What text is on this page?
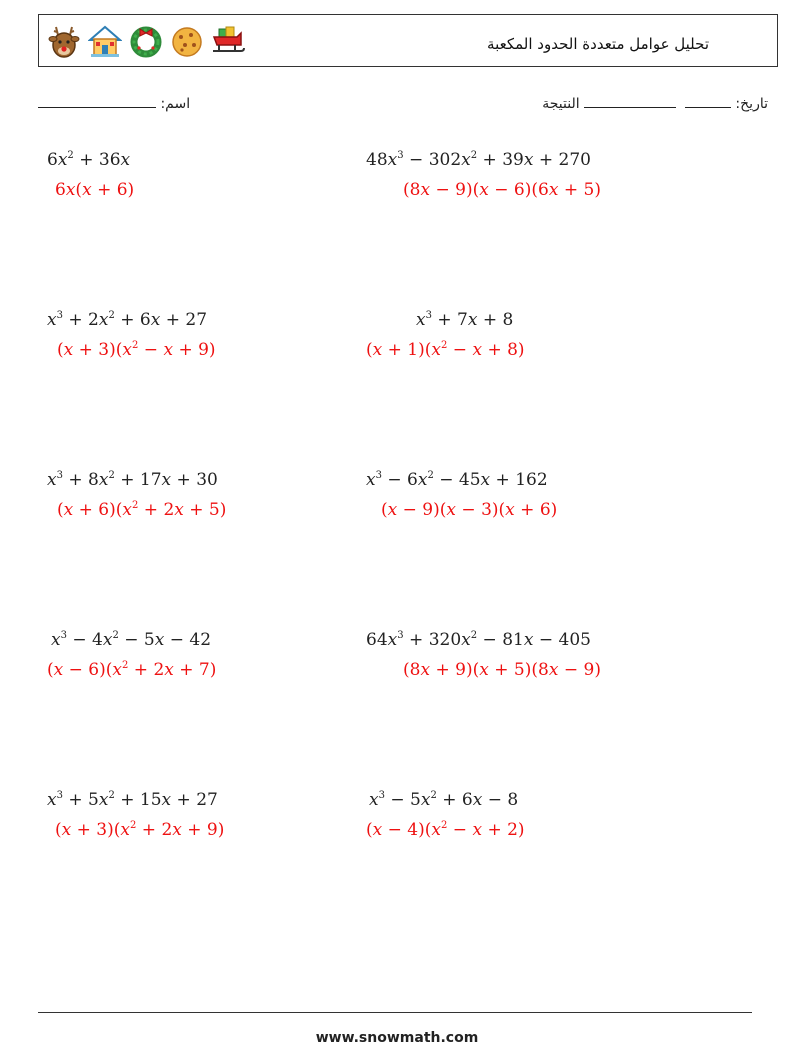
تحليل عوامل متعددة الحدود المكعبة
اسم:	تاريخ:    النتيجة
$6x^2 + 36x$
6x(x + 6)
$48x^3 - 302x^2 + 39x + 270$
(8x − 9)(x − 6)(6x + 5)
$x^3 + 2x^2 + 6x + 27$
$(x + 3)(x^2 - x + 9)$
$x^3 + 7x + 8$
$(x + 1)(x^2 - x + 8)$
$x^3 + 8x^2 + 17x + 30$
$(x + 6)(x^2 + 2x + 5)$
$x^3 - 6x^2 - 45x + 162$
(x − 9)(x − 3)(x + 6)
$x^3 - 4x^2 - 5x - 42$
$(x - 6)(x^2 + 2x + 7)$
$64x^3 + 320x^2 - 81x - 405$
(8x + 9)(x + 5)(8x − 9)
$x^3 + 5x^2 + 15x + 27$
$(x + 3)(x^2 + 2x + 9)$
$x^3 - 5x^2 + 6x - 8$
$(x - 4)(x^2 - x + 2)$
www.snowmath.com
